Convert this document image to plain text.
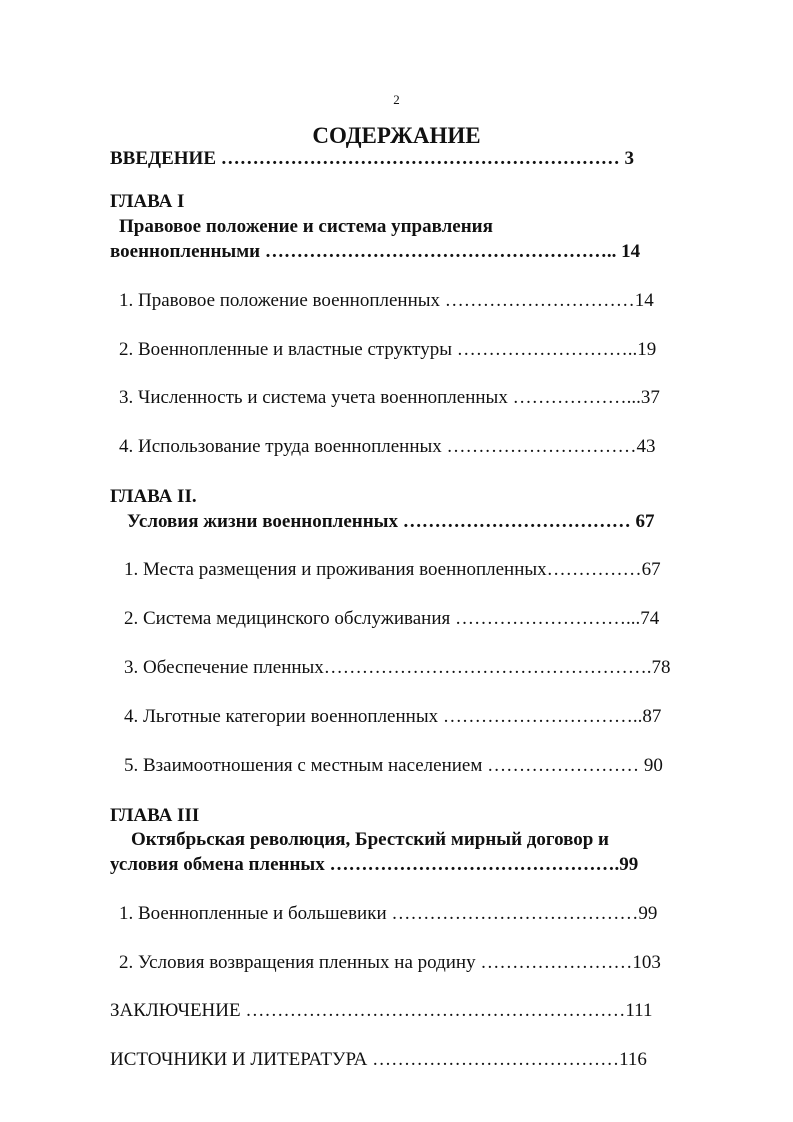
2
СОДЕРЖАНИЕ
ВВЕДЕНИЕ ……………………………………………………… 3
ГЛАВА I
Правовое положение и система управления
военнопленными ……………………………………………….. 14
1. Правовое положение военнопленных …………………………14
2. Военнопленные и властные структуры ………………………..19
3. Численность и система учета военнопленных ………………...37
4. Использование труда военнопленных …………………………43
ГЛАВА II.
Условия жизни военнопленных ……………………………… 67
1. Места размещения и проживания военнопленных……………67
2. Система медицинского обслуживания ………………………...74
3. Обеспечение пленных…………………………………………….78
4. Льготные категории военнопленных …………………………..87
5. Взаимоотношения с местным населением …………………… 90
ГЛАВА III
Октябрьская революция, Брестский мирный договор и
условия обмена пленных ……………………………………….99
1. Военнопленные и большевики …………………………………99
2. Условия возвращения пленных на родину ……………………103
ЗАКЛЮЧЕНИЕ ……………………………………………………111
ИСТОЧНИКИ И ЛИТЕРАТУРА …………………………………116
